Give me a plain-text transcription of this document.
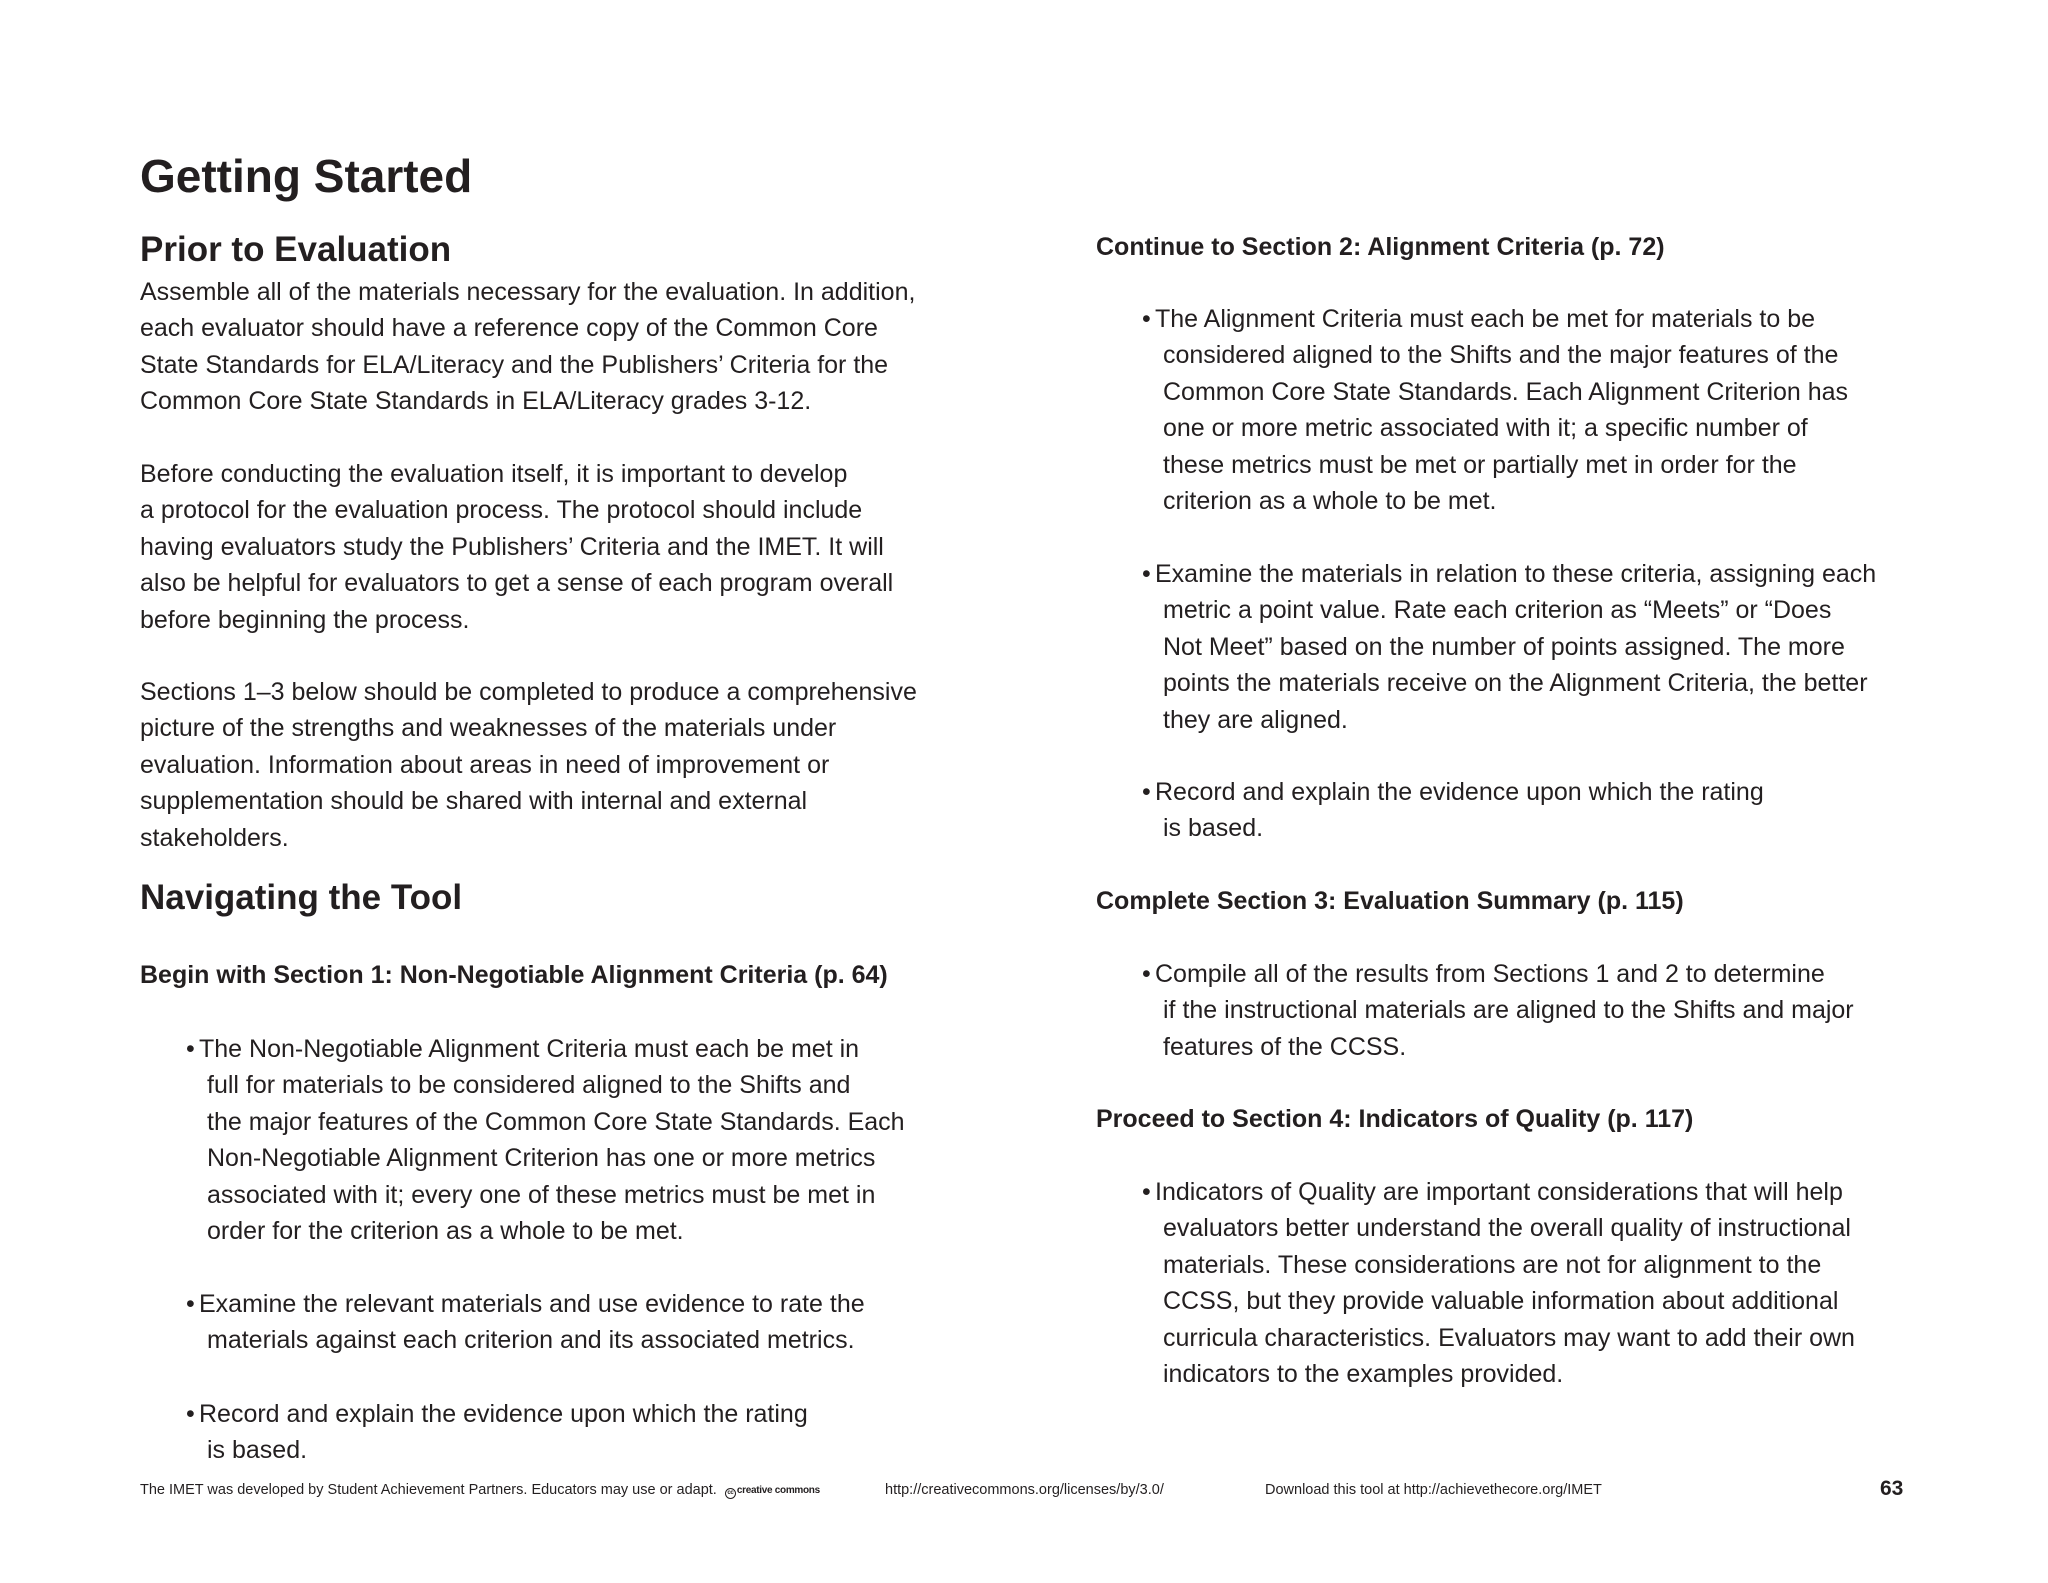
Getting Started
Prior to Evaluation

Assemble all of the materials necessary for the evaluation. In addition,
each evaluator should have a reference copy of the Common Core
State Standards for ELA/Literacy and the Publishers’ Criteria for the
Common Core State Standards in ELA/Literacy grades 3-12.

Before conducting the evaluation itself, it is important to develop
a protocol for the evaluation process. The protocol should include
having evaluators study the Publishers’ Criteria and the IMET. It will
also be helpful for evaluators to get a sense of each program overall
before beginning the process.

Sections 1–3 below should be completed to produce a comprehensive
picture of the strengths and weaknesses of the materials under
evaluation. Information about areas in need of improvement or
supplementation should be shared with internal and external
stakeholders.

Navigating the Tool

Begin with Section 1: Non-Negotiable Alignment Criteria (p. 64)

• The Non-Negotiable Alignment Criteria must each be met in
full for materials to be considered aligned to the Shifts and
the major features of the Common Core State Standards. Each
Non-Negotiable Alignment Criterion has one or more metrics
associated with it; every one of these metrics must be met in
order for the criterion as a whole to be met.
• Examine the relevant materials and use evidence to rate the
materials against each criterion and its associated metrics.
• Record and explain the evidence upon which the rating
is based.

Continue to Section 2: Alignment Criteria (p. 72)

• The Alignment Criteria must each be met for materials to be
considered aligned to the Shifts and the major features of the
Common Core State Standards. Each Alignment Criterion has
one or more metric associated with it; a specific number of
these metrics must be met or partially met in order for the
criterion as a whole to be met.
• Examine the materials in relation to these criteria, assigning each
metric a point value. Rate each criterion as “Meets” or “Does
Not Meet” based on the number of points assigned. The more
points the materials receive on the Alignment Criteria, the better
they are aligned.
• Record and explain the evidence upon which the rating
is based.

Complete Section 3: Evaluation Summary (p. 115)

• Compile all of the results from Sections 1 and 2 to determine
if the instructional materials are aligned to the Shifts and major
features of the CCSS.

Proceed to Section 4: Indicators of Quality (p. 117)

• Indicators of Quality are important considerations that will help
evaluators better understand the overall quality of instructional
materials. These considerations are not for alignment to the
CCSS, but they provide valuable information about additional
curricula characteristics. Evaluators may want to add their own
indicators to the examples provided.
The IMET was developed by Student Achievement Partners. Educators may use or adapt. cc creative commons	http://creativecommons.org/licenses/by/3.0/	Download this tool at http://achievethecore.org/IMET	63
